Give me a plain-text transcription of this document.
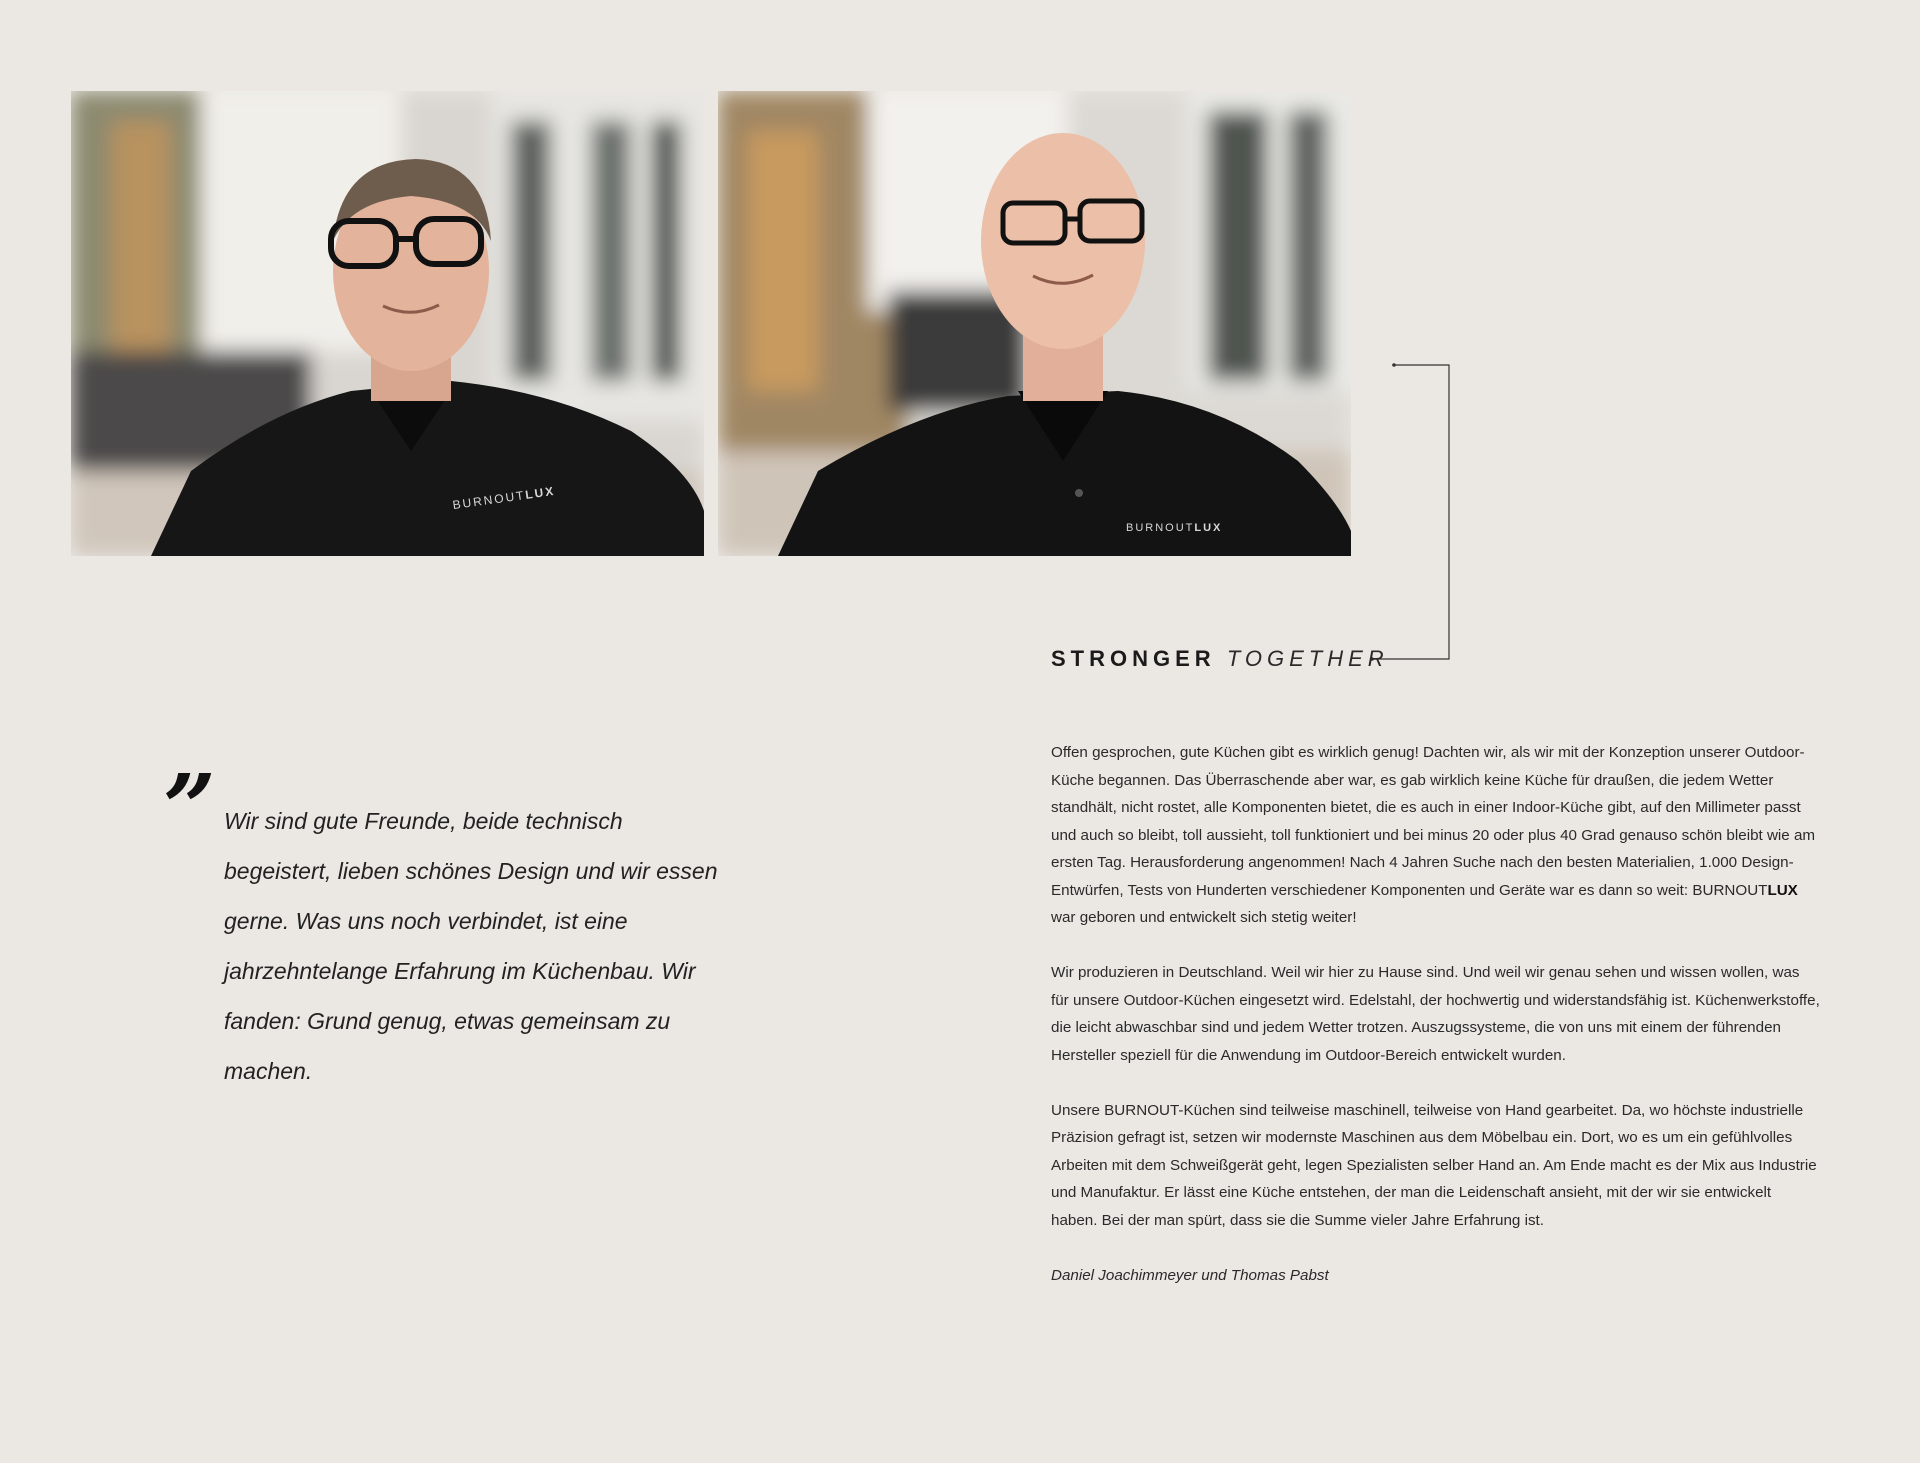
BURNOUTLUX
BURNOUTLUX
STRONGER TOGETHER
” Wir sind gute Freunde, beide technisch begeistert, lieben schönes Design und wir essen gerne. Was uns noch verbindet, ist eine jahrzehntelange Erfahrung im Küchenbau. Wir fanden: Grund genug, etwas gemeinsam zu machen.

Offen gesprochen, gute Küchen gibt es wirklich genug! Dachten wir, als wir mit der Konzeption unserer Outdoor-Küche begannen. Das Überraschende aber war, es gab wirklich keine Küche für draußen, die jedem Wetter standhält, nicht rostet, alle Komponenten bietet, die es auch in einer Indoor-Küche gibt, auf den Millimeter passt und auch so bleibt, toll aussieht, toll funktioniert und bei minus 20 oder plus 40 Grad genauso schön bleibt wie am ersten Tag. Herausforderung angenommen! Nach 4 Jahren Suche nach den besten Materialien, 1.000 Design-Entwürfen, Tests von Hunderten verschiedener Komponenten und Geräte war es dann so weit: BURNOUTLUX war geboren und entwickelt sich stetig weiter!

Wir produzieren in Deutschland. Weil wir hier zu Hause sind. Und weil wir genau sehen und wissen wollen, was für unsere Outdoor-Küchen eingesetzt wird. Edelstahl, der hochwertig und widerstandsfähig ist. Küchenwerkstoffe, die leicht abwaschbar sind und jedem Wetter trotzen. Auszugssysteme, die von uns mit einem der führenden Hersteller speziell für die Anwendung im Outdoor-Bereich entwickelt wurden.

Unsere BURNOUT-Küchen sind teilweise maschinell, teilweise von Hand gearbeitet. Da, wo höchste industrielle Präzision gefragt ist, setzen wir modernste Maschinen aus dem Möbelbau ein. Dort, wo es um ein gefühlvolles Arbeiten mit dem Schweißgerät geht, legen Spezialisten selber Hand an. Am Ende macht es der Mix aus Industrie und Manufaktur. Er lässt eine Küche entstehen, der man die Leidenschaft ansieht, mit der wir sie entwickelt haben. Bei der man spürt, dass sie die Summe vieler Jahre Erfahrung ist.

Daniel Joachimmeyer und Thomas Pabst
